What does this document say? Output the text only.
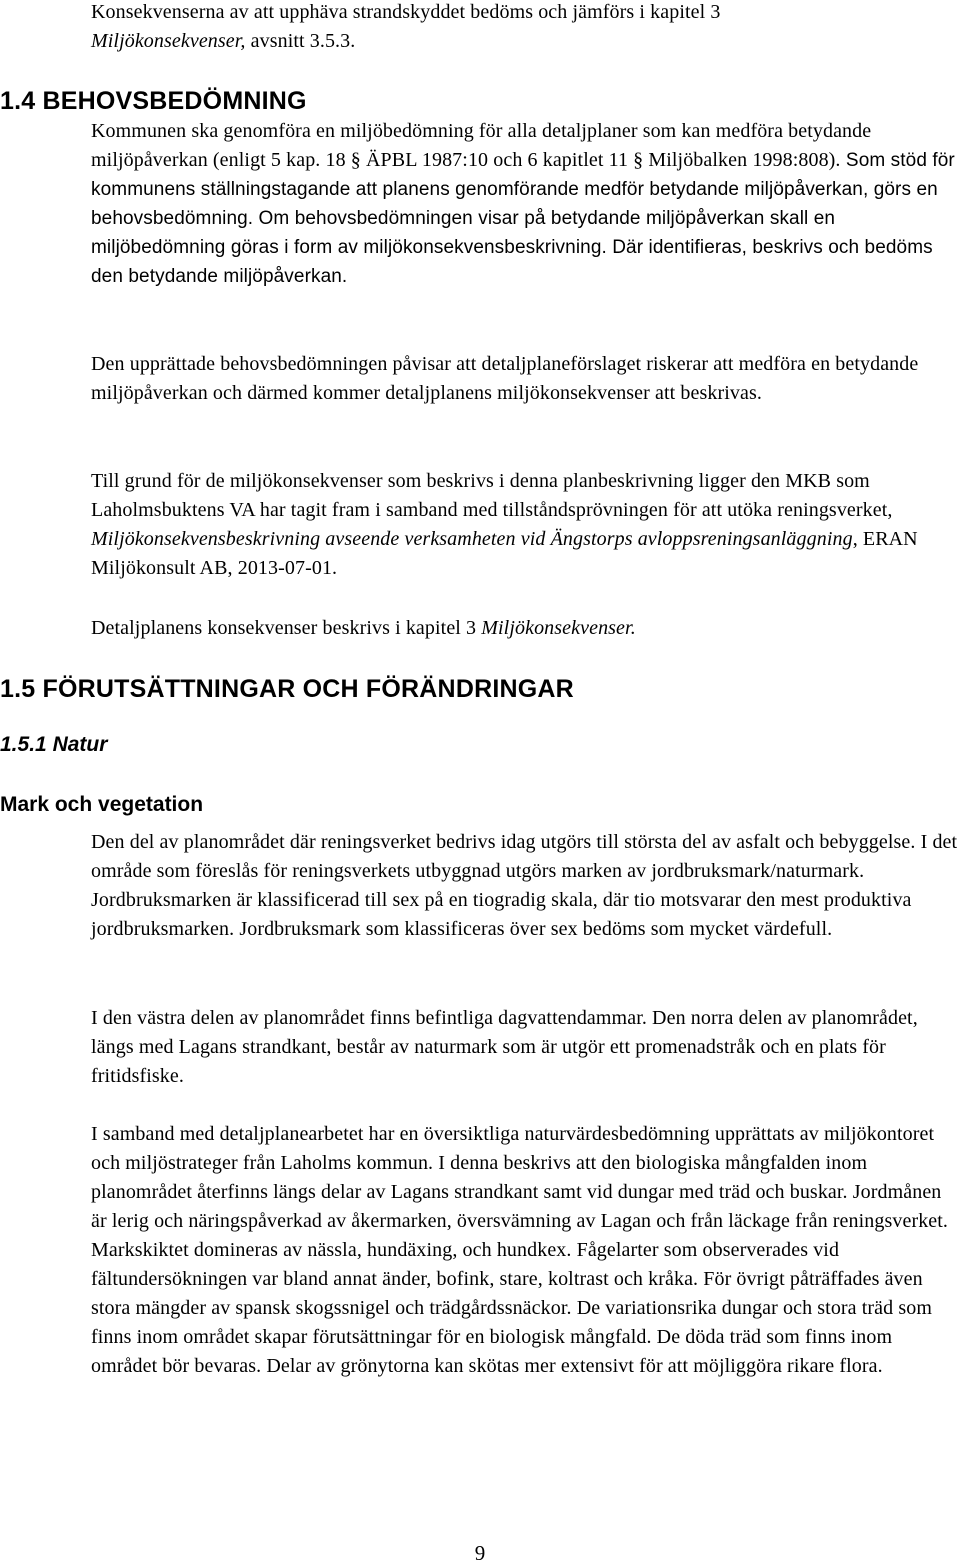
Konsekvenserna av att upphäva strandskyddet bedöms och jämförs i kapitel 3
Miljökonsekvenser, avsnitt 3.5.3.

1.4 BEHOVSBEDÖMNING

Kommunen ska genomföra en miljöbedömning för alla detaljplaner som kan medföra betydande miljöpåverkan (enligt 5 kap. 18 § ÄPBL 1987:10 och 6 kapitlet 11 § Miljöbalken 1998:808). Som stöd för kommunens ställningstagande att planens genomförande medför betydande miljöpåverkan, görs en behovsbedömning. Om behovsbedömningen visar på betydande miljöpåverkan skall en miljöbedömning göras i form av miljökonsekvensbeskrivning. Där identifieras, beskrivs och bedöms den betydande miljöpåverkan.

Den upprättade behovsbedömningen påvisar att detaljplaneförslaget riskerar att medföra en betydande miljöpåverkan och därmed kommer detaljplanens miljökonsekvenser att beskrivas.

Till grund för de miljökonsekvenser som beskrivs i denna planbeskrivning ligger den MKB som Laholmsbuktens VA har tagit fram i samband med tillståndsprövningen för att utöka reningsverket, Miljökonsekvensbeskrivning avseende verksamheten vid Ängstorps avloppsreningsanläggning, ERAN Miljökonsult AB, 2013-07-01.

Detaljplanens konsekvenser beskrivs i kapitel 3 Miljökonsekvenser.

1.5 FÖRUTSÄTTNINGAR OCH FÖRÄNDRINGAR
1.5.1 Natur
Mark och vegetation

Den del av planområdet där reningsverket bedrivs idag utgörs till största del av asfalt och bebyggelse. I det område som föreslås för reningsverkets utbyggnad utgörs marken av jordbruksmark/naturmark. Jordbruksmarken är klassificerad till sex på en tiogradig skala, där tio motsvarar den mest produktiva jordbruksmarken. Jordbruksmark som klassificeras över sex bedöms som mycket värdefull.

I den västra delen av planområdet finns befintliga dagvattendammar. Den norra delen av planområdet, längs med Lagans strandkant, består av naturmark som är utgör ett promenadstråk och en plats för fritidsfiske.

I samband med detaljplanearbetet har en översiktliga naturvärdesbedömning upprättats av miljökontoret och miljöstrateger från Laholms kommun. I denna beskrivs att den biologiska mångfalden inom planområdet återfinns längs delar av Lagans strandkant samt vid dungar med träd och buskar. Jordmånen är lerig och näringspåverkad av åkermarken, översvämning av Lagan och från läckage från reningsverket. Markskiktet domineras av nässla, hundäxing, och hundkex. Fågelarter som observerades vid fältundersökningen var bland annat änder, bofink, stare, koltrast och kråka. För övrigt påträffades även stora mängder av spansk skogssnigel och trädgårdssnäckor. De variationsrika dungar och stora träd som finns inom området skapar förutsättningar för en biologisk mångfald. De döda träd som finns inom området bör bevaras. Delar av grönytorna kan skötas mer extensivt för att möjliggöra rikare flora.

9
